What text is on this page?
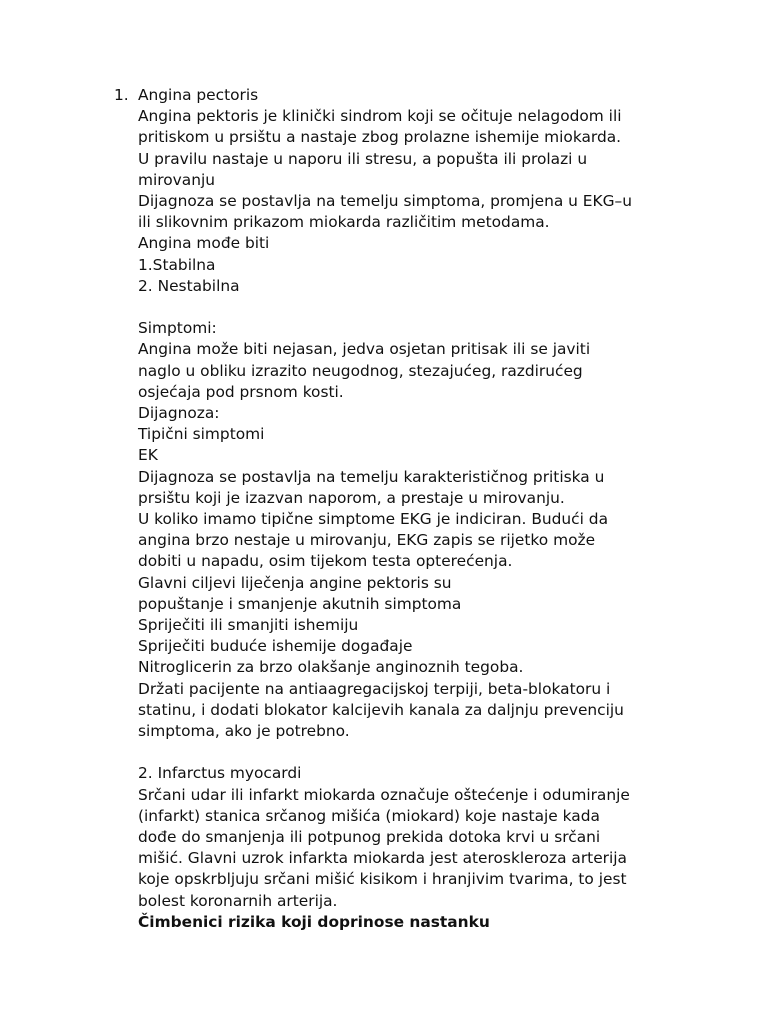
1. Angina pectoris
Angina pektoris je klinički sindrom koji se očituje nelagodom ili
pritiskom u prsištu a nastaje zbog prolazne ishemije miokarda.
U pravilu nastaje u naporu ili stresu, a popušta ili prolazi u
mirovanju
Dijagnoza se postavlja na temelju simptoma, promjena u EKG–u
ili slikovnim prikazom miokarda različitim metodama.
Angina mođe biti
1.Stabilna
2. Nestabilna
Simptomi:
Angina može biti nejasan, jedva osjetan pritisak ili se javiti
naglo u obliku izrazito neugodnog, stezajućeg, razdirućeg
osjećaja pod prsnom kosti.
Dijagnoza:
Tipični simptomi
EK
Dijagnoza se postavlja na temelju karakterističnog pritiska u
prsištu koji je izazvan naporom, a prestaje u mirovanju.
U koliko imamo tipične simptome EKG je indiciran. Budući da
angina brzo nestaje u mirovanju, EKG zapis se rijetko može
dobiti u napadu, osim tijekom testa opterećenja.
Glavni ciljevi liječenja angine pektoris su
popuštanje i smanjenje akutnih simptoma
Spriječiti ili smanjiti ishemiju
Spriječiti buduće ishemije događaje
Nitroglicerin za brzo olakšanje anginoznih tegoba.
Držati pacijente na antiaagregacijskoj terpiji, beta-blokatoru i
statinu, i dodati blokator kalcijevih kanala za daljnju prevenciju
simptoma, ako je potrebno.
2. Infarctus myocardi
Srčani udar ili infarkt miokarda označuje oštećenje i odumiranje
(infarkt) stanica srčanog mišića (miokard) koje nastaje kada
dođe do smanjenja ili potpunog prekida dotoka krvi u srčani
mišić. Glavni uzrok infarkta miokarda jest ateroskleroza arterija
koje opskrbljuju srčani mišić kisikom i hranjivim tvarima, to jest
bolest koronarnih arterija.
Čimbenici rizika koji doprinose nastanku
